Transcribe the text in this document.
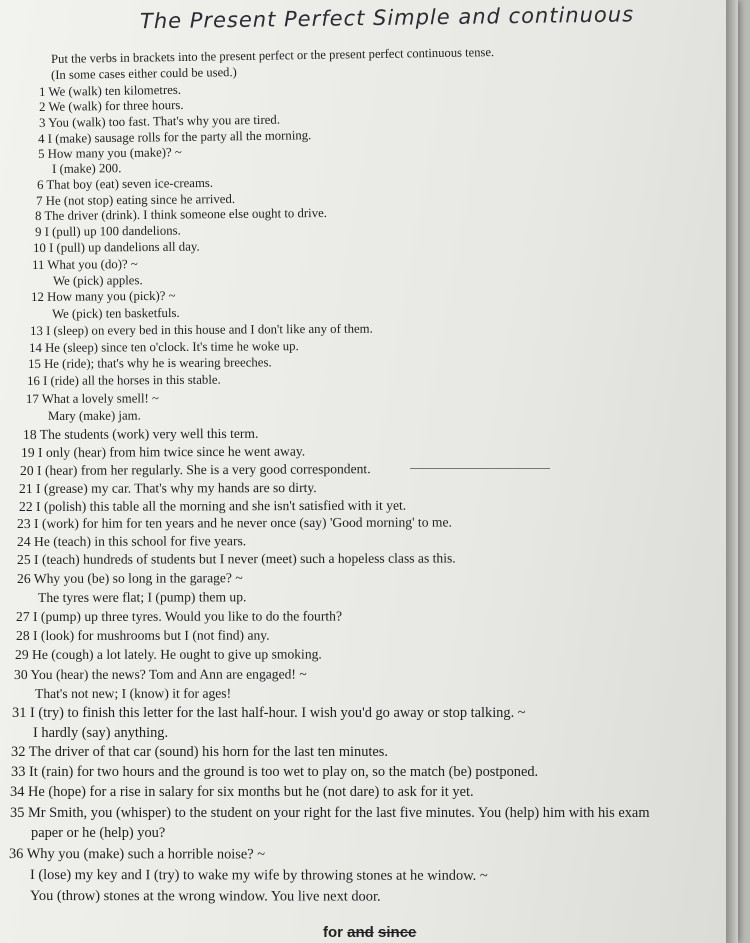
The Present Perfect Simple and continuous
Put the verbs in brackets into the present perfect or the present perfect continuous tense.
(In some cases either could be used.)
1 We (walk) ten kilometres.
2 We (walk) for three hours.
3 You (walk) too fast. That's why you are tired.
4 I (make) sausage rolls for the party all the morning.
5 How many you (make)? ~
I (make) 200.
6 That boy (eat) seven ice-creams.
7 He (not stop) eating since he arrived.
8 The driver (drink). I think someone else ought to drive.
9 I (pull) up 100 dandelions.
10 I (pull) up dandelions all day.
11 What you (do)? ~
We (pick) apples.
12 How many you (pick)? ~
We (pick) ten basketfuls.
13 I (sleep) on every bed in this house and I don't like any of them.
14 He (sleep) since ten o'clock. It's time he woke up.
15 He (ride); that's why he is wearing breeches.
16 I (ride) all the horses in this stable.
17 What a lovely smell! ~
Mary (make) jam.
18 The students (work) very well this term.
19 I only (hear) from him twice since he went away.
20 I (hear) from her regularly. She is a very good correspondent.
21 I (grease) my car. That's why my hands are so dirty.
22 I (polish) this table all the morning and she isn't satisfied with it yet.
23 I (work) for him for ten years and he never once (say) 'Good morning' to me.
24 He (teach) in this school for five years.
25 I (teach) hundreds of students but I never (meet) such a hopeless class as this.
26 Why you (be) so long in the garage? ~
The tyres were flat; I (pump) them up.
27 I (pump) up three tyres. Would you like to do the fourth?
28 I (look) for mushrooms but I (not find) any.
29 He (cough) a lot lately. He ought to give up smoking.
30 You (hear) the news? Tom and Ann are engaged! ~
That's not new; I (know) it for ages!
31 I (try) to finish this letter for the last half-hour. I wish you'd go away or stop talking. ~
I hardly (say) anything.
32 The driver of that car (sound) his horn for the last ten minutes.
33 It (rain) for two hours and the ground is too wet to play on, so the match (be) postponed.
34 He (hope) for a rise in salary for six months but he (not dare) to ask for it yet.
35 Mr Smith, you (whisper) to the student on your right for the last five minutes. You (help) him with his exam
paper or he (help) you?
36 Why you (make) such a horrible noise? ~
I (lose) my key and I (try) to wake my wife by throwing stones at he window. ~
You (throw) stones at the wrong window. You live next door.
for and since
